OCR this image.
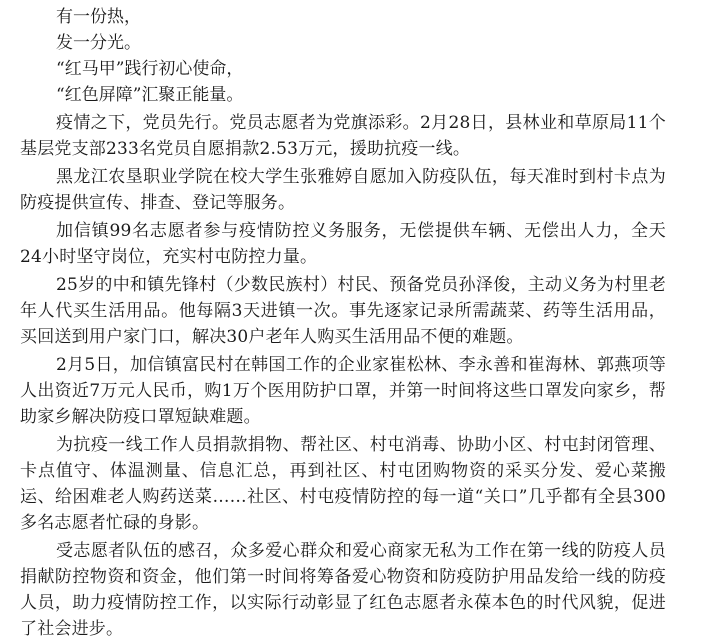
有一份热，

发一分光。

“红马甲”践行初心使命，

“红色屏障”汇聚正能量。

疫情之下，党员先行。党员志愿者为党旗添彩。2月28日，县林业和草原局11个基层党支部233名党员自愿捐款2.53万元，援助抗疫一线。

黑龙江农垦职业学院在校大学生张雅婷自愿加入防疫队伍，每天准时到村卡点为防疫提供宣传、排查、登记等服务。

加信镇99名志愿者参与疫情防控义务服务，无偿提供车辆、无偿出人力，全天24小时坚守岗位，充实村屯防控力量。

25岁的中和镇先锋村（少数民族村）村民、预备党员孙泽俊，主动义务为村里老年人代买生活用品。他每隔3天进镇一次。事先逐家记录所需蔬菜、药等生活用品，买回送到用户家门口，解决30户老年人购买生活用品不便的难题。

2月5日，加信镇富民村在韩国工作的企业家崔松林、李永善和崔海林、郭燕项等人出资近7万元人民币，购1万个医用防护口罩，并第一时间将这些口罩发向家乡，帮助家乡解决防疫口罩短缺难题。

为抗疫一线工作人员捐款捐物、帮社区、村屯消毒、协助小区、村屯封闭管理、卡点值守、体温测量、信息汇总，再到社区、村屯团购物资的采买分发、爱心菜搬运、给困难老人购药送菜……社区、村屯疫情防控的每一道“关口”几乎都有全县300多名志愿者忙碌的身影。

受志愿者队伍的感召，众多爱心群众和爱心商家无私为工作在第一线的防疫人员捐献防控物资和资金，他们第一时间将筹备爱心物资和防疫防护用品发给一线的防疫人员，助力疫情防控工作，以实际行动彰显了红色志愿者永葆本色的时代风貌，促进了社会进步。
